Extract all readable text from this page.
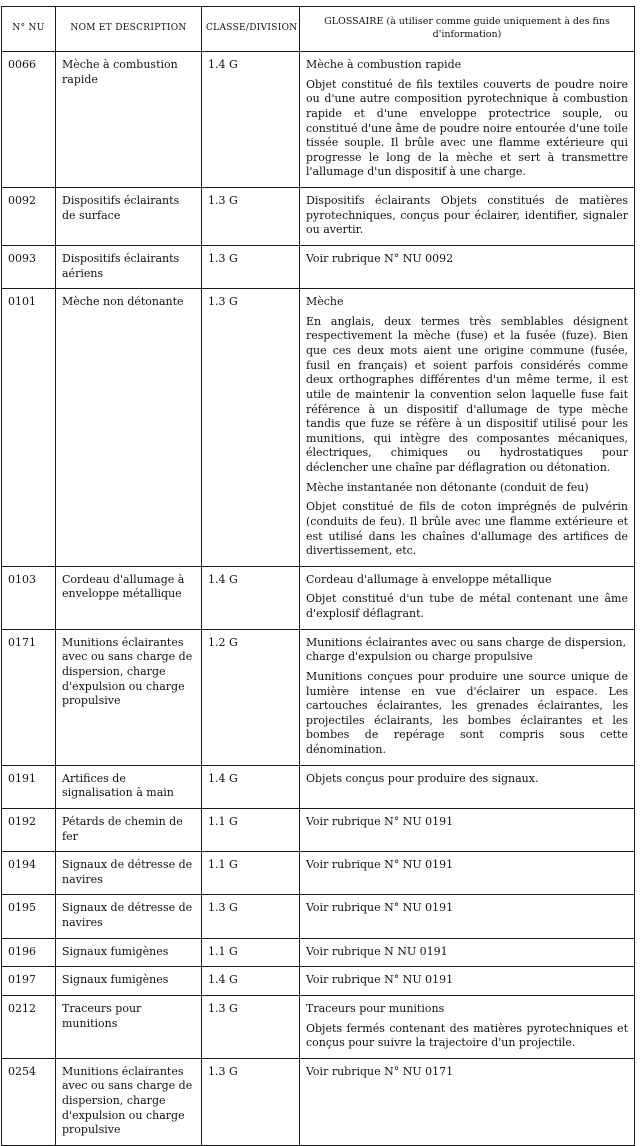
N° NU	NOM ET DESCRIPTION	CLASSE/DIVISION	GLOSSAIRE (à utiliser comme guide uniquement à des fins d'information)
0066	Mèche à combustion rapide	1.4 G	Mèche à combustion rapide

Objet constitué de fils textiles couverts de poudre noire ou d'une autre composition pyrotechnique à combustion rapide et d'une enveloppe protectrice souple, ou constitué d'une âme de poudre noire entourée d'une toile tissée souple. Il brûle avec une flamme extérieure qui progresse le long de la mèche et sert à transmettre l'allumage d'un dispositif à une charge.

0092	Dispositifs éclairants de surface	1.3 G	Dispositifs éclairants Objets constitués de matières pyrotechniques, conçus pour éclairer, identifier, signaler ou avertir.

0093	Dispositifs éclairants aériens	1.3 G	Voir rubrique N° NU 0092

0101	Mèche non détonante	1.3 G	Mèche

En anglais, deux termes très semblables désignent respectivement la mèche (fuse) et la fusée (fuze). Bien que ces deux mots aient une origine commune (fusée, fusil en français) et soient parfois considérés comme deux orthographes différentes d'un même terme, il est utile de maintenir la convention selon laquelle fuse fait référence à un dispositif d'allumage de type mèche tandis que fuze se réfère à un dispositif utilisé pour les munitions, qui intègre des composantes mécaniques, électriques, chimiques ou hydrostatiques pour déclencher une chaîne par déflagration ou détonation.

Mèche instantanée non détonante (conduit de feu)

Objet constitué de fils de coton imprégnés de pulvérin (conduits de feu). Il brûle avec une flamme extérieure et est utilisé dans les chaînes d'allumage des artifices de divertissement, etc.

0103	Cordeau d'allumage à enveloppe métallique	1.4 G	Cordeau d'allumage à enveloppe métallique

Objet constitué d'un tube de métal contenant une âme d'explosif déflagrant.

0171	Munitions éclairantes avec ou sans charge de dispersion, charge d'expulsion ou charge propulsive	1.2 G	Munitions éclairantes avec ou sans charge de dispersion, charge d'expulsion ou charge propulsive

Munitions conçues pour produire une source unique de lumière intense en vue d'éclairer un espace. Les cartouches éclairantes, les grenades éclairantes, les projectiles éclairants, les bombes éclairantes et les bombes de repérage sont compris sous cette dénomination.

0191	Artifices de signalisation à main	1.4 G	Objets conçus pour produire des signaux.

0192	Pétards de chemin de fer	1.1 G	Voir rubrique N° NU 0191

0194	Signaux de détresse de navires	1.1 G	Voir rubrique N° NU 0191

0195	Signaux de détresse de navires	1.3 G	Voir rubrique N° NU 0191

0196	Signaux fumigènes	1.1 G	Voir rubrique N NU 0191

0197	Signaux fumigènes	1.4 G	Voir rubrique N° NU 0191

0212	Traceurs pour munitions	1.3 G	Traceurs pour munitions

Objets fermés contenant des matières pyrotechniques et conçus pour suivre la trajectoire d'un projectile.

0254	Munitions éclairantes avec ou sans charge de dispersion, charge d'expulsion ou charge propulsive	1.3 G	Voir rubrique N° NU 0171
